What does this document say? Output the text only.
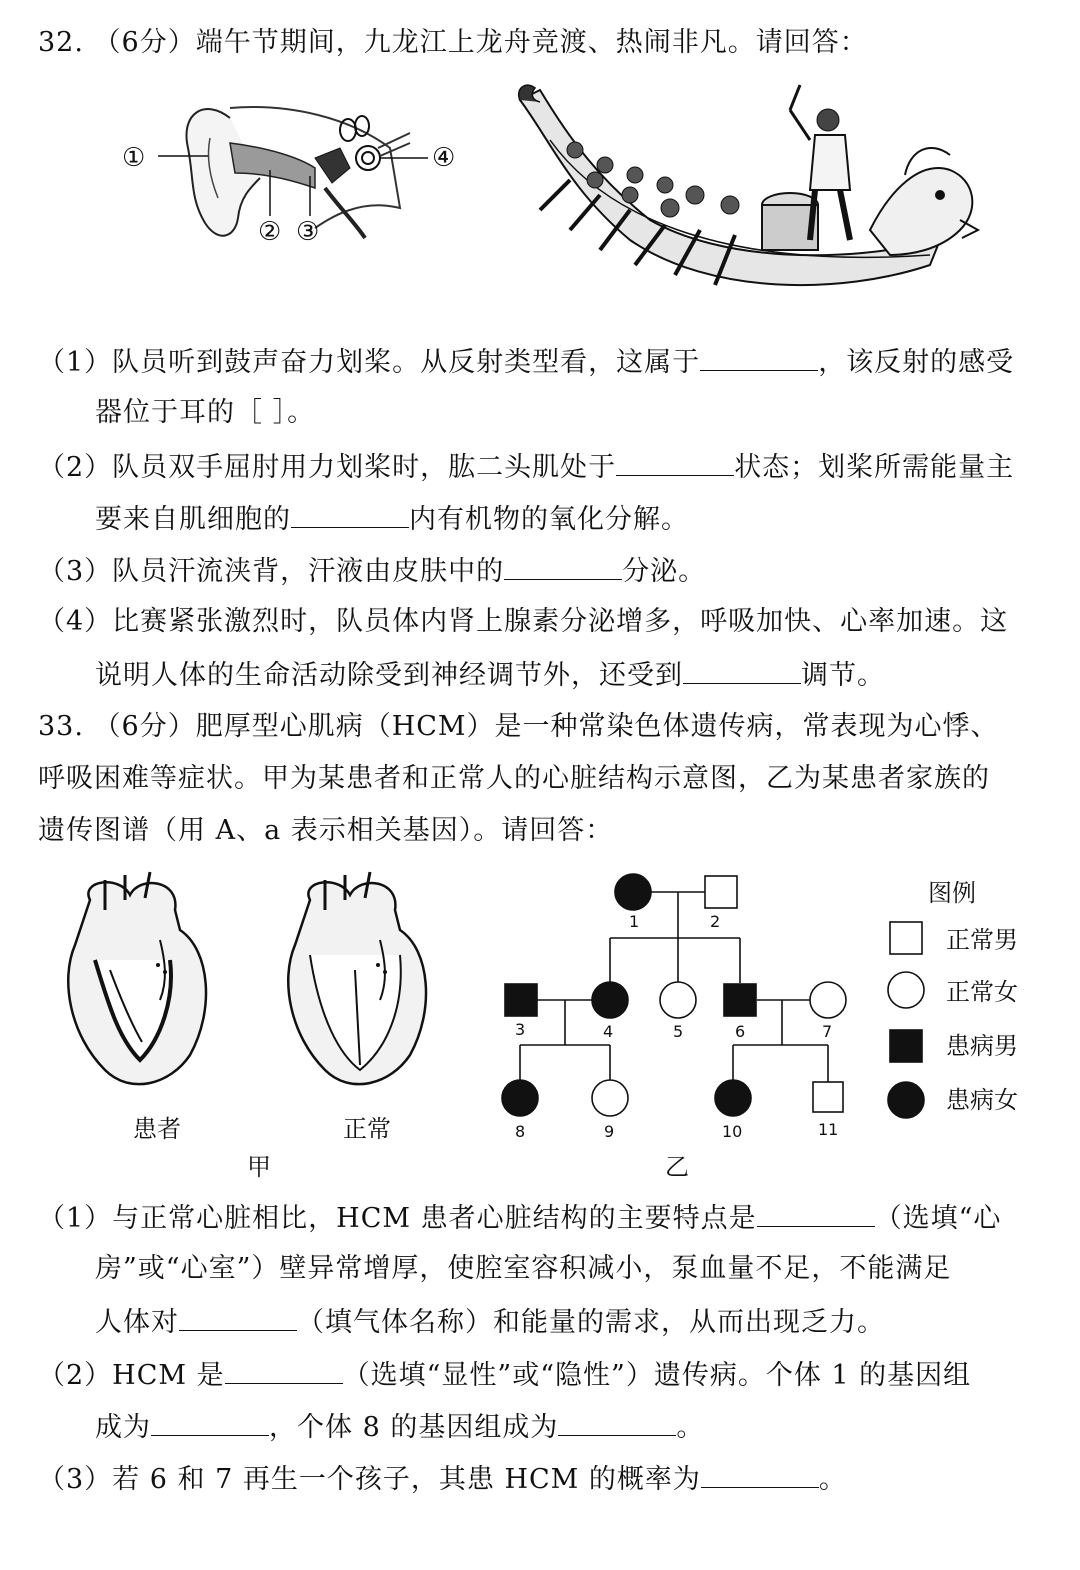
32. （6分）端午节期间，九龙江上龙舟竞渡、热闹非凡。请回答：
①
② ③
④
（1）队员听到鼓声奋力划桨。从反射类型看，这属于	，该反射的感受
器位于耳的［ ］。
（2）队员双手屈肘用力划桨时，肱二头肌处于	状态；划桨所需能量主
要来自肌细胞的	内有机物的氧化分解。
（3）队员汗流浃背，汗液由皮肤中的	分泌。
（4）比赛紧张激烈时，队员体内肾上腺素分泌增多，呼吸加快、心率加速。这
说明人体的生命活动除受到神经调节外，还受到	调节。
33. （6分）肥厚型心肌病（HCM）是一种常染色体遗传病，常表现为心悸、
呼吸困难等症状。甲为某患者和正常人的心脏结构示意图，乙为某患者家族的
遗传图谱（用 A、a 表示相关基因）。请回答：
患者	正常
甲
1	2
3	4	5	6	7
8	9	10	11
乙
图例
正常男
正常女
患病男
患病女
（1）与正常心脏相比，HCM 患者心脏结构的主要特点是	（选填“心
房”或“心室”）壁异常增厚，使腔室容积减小，泵血量不足，不能满足
人体对	（填气体名称）和能量的需求，从而出现乏力。
（2）HCM 是	（选填“显性”或“隐性”）遗传病。个体 1 的基因组
成为	，个体 8 的基因组成为	。
（3）若 6 和 7 再生一个孩子，其患 HCM 的概率为	。
